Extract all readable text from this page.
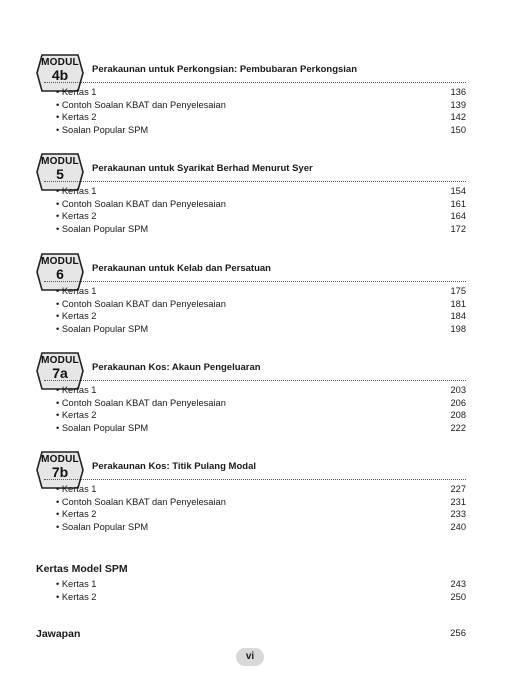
MODUL
4b	Perakaunan untuk Perkongsian: Pembubaran Perkongsian
• Kertas 1	136
• Contoh Soalan KBAT dan Penyelesaian	139
• Kertas 2	142
• Soalan Popular SPM	150
MODUL
5	Perakaunan untuk Syarikat Berhad Menurut Syer
• Kertas 1	154
• Contoh Soalan KBAT dan Penyelesaian	161
• Kertas 2	164
• Soalan Popular SPM	172
MODUL
6	Perakaunan untuk Kelab dan Persatuan
• Kertas 1	175
• Contoh Soalan KBAT dan Penyelesaian	181
• Kertas 2	184
• Soalan Popular SPM	198
MODUL
7a	Perakaunan Kos: Akaun Pengeluaran
• Kertas 1	203
• Contoh Soalan KBAT dan Penyelesaian	206
• Kertas 2	208
• Soalan Popular SPM	222
MODUL
7b	Perakaunan Kos: Titik Pulang Modal
• Kertas 1	227
• Contoh Soalan KBAT dan Penyelesaian	231
• Kertas 2	233
• Soalan Popular SPM	240
Kertas Model SPM
• Kertas 1	243
• Kertas 2	250
Jawapan	256
vi
